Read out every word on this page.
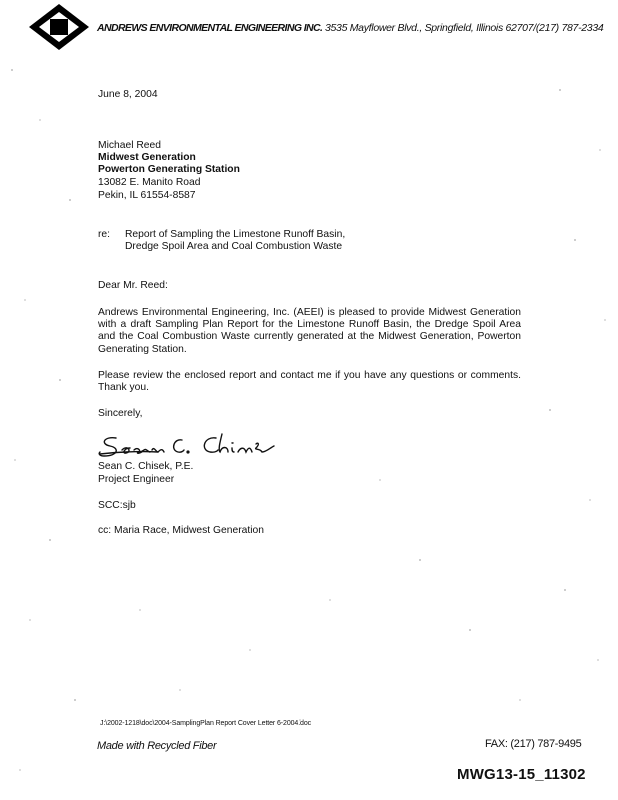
ANDREWS ENVIRONMENTAL ENGINEERING INC. 3535 Mayflower Blvd., Springfield, Illinois 62707/(217) 787-2334
June 8, 2004
Michael Reed
Midwest Generation
Powerton Generating Station
13082 E. Manito Road
Pekin, IL 61554-8587
re: Report of Sampling the Limestone Runoff Basin,
Dredge Spoil Area and Coal Combustion Waste
Dear Mr. Reed:
Andrews Environmental Engineering, Inc. (AEEI) is pleased to provide Midwest Generation with a draft Sampling Plan Report for the Limestone Runoff Basin, the Dredge Spoil Area and the Coal Combustion Waste currently generated at the Midwest Generation, Powerton Generating Station.
Please review the enclosed report and contact me if you have any questions or comments. Thank you.
Sincerely,
Sean C. Chisek, P.E.
Project Engineer
SCC:sjb
cc: Maria Race, Midwest Generation
J:\2002-1218\doc\2004-SamplingPlan Report Cover Letter 6-2004.doc
Made with Recycled Fiber	FAX: (217) 787-9495
MWG13-15_11302
